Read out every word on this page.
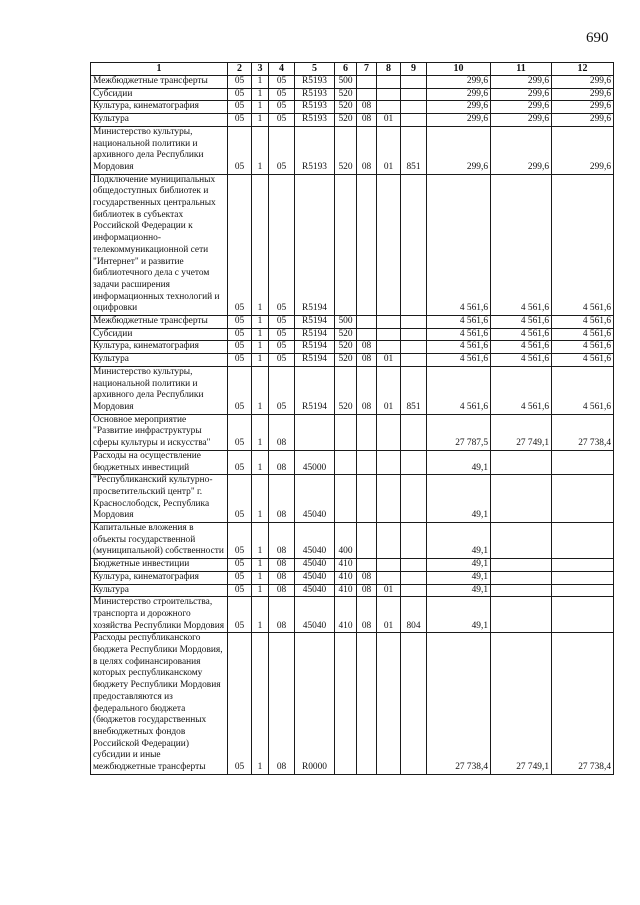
690
1	2	3	4	5	6	7	8	9	10	11	12
Межбюджетные трансферты	05	1	05	R5193	500				299,6	299,6	299,6
Субсидии	05	1	05	R5193	520				299,6	299,6	299,6
Культура, кинематография	05	1	05	R5193	520	08			299,6	299,6	299,6
Культура	05	1	05	R5193	520	08	01		299,6	299,6	299,6
Министерство культуры, национальной политики и архивного дела Республики Мордовия	05	1	05	R5193	520	08	01	851	299,6	299,6	299,6
Подключение муниципальных общедоступных библиотек и государственных центральных библиотек в субъектах Российской Федерации к информационно-телекоммуникационной сети "Интернет" и развитие библиотечного дела с учетом задачи расширения информационных технологий и оцифровки	05	1	05	R5194					4 561,6	4 561,6	4 561,6
Межбюджетные трансферты	05	1	05	R5194	500				4 561,6	4 561,6	4 561,6
Субсидии	05	1	05	R5194	520				4 561,6	4 561,6	4 561,6
Культура, кинематография	05	1	05	R5194	520	08			4 561,6	4 561,6	4 561,6
Культура	05	1	05	R5194	520	08	01		4 561,6	4 561,6	4 561,6
Министерство культуры, национальной политики и архивного дела Республики Мордовия	05	1	05	R5194	520	08	01	851	4 561,6	4 561,6	4 561,6
Основное мероприятие "Развитие инфраструктуры сферы культуры и искусства"	05	1	08						27 787,5	27 749,1	27 738,4
Расходы на осуществление бюджетных инвестиций	05	1	08	45000					49,1		
"Республиканский культурно-просветительский центр" г. Краснослободск, Республика Мордовия	05	1	08	45040					49,1		
Капитальные вложения в объекты государственной (муниципальной) собственности	05	1	08	45040	400				49,1		
Бюджетные инвестиции	05	1	08	45040	410				49,1		
Культура, кинематография	05	1	08	45040	410	08			49,1		
Культура	05	1	08	45040	410	08	01		49,1		
Министерство строительства, транспорта и дорожного хозяйства Республики Мордовия	05	1	08	45040	410	08	01	804	49,1		
Расходы республиканского бюджета Республики Мордовия, в целях софинансирования которых республиканскому бюджету Республики Мордовия предоставляются из федерального бюджета (бюджетов государственных внебюджетных фондов Российской Федерации) субсидии и иные межбюджетные трансферты	05	1	08	R0000					27 738,4	27 749,1	27 738,4
